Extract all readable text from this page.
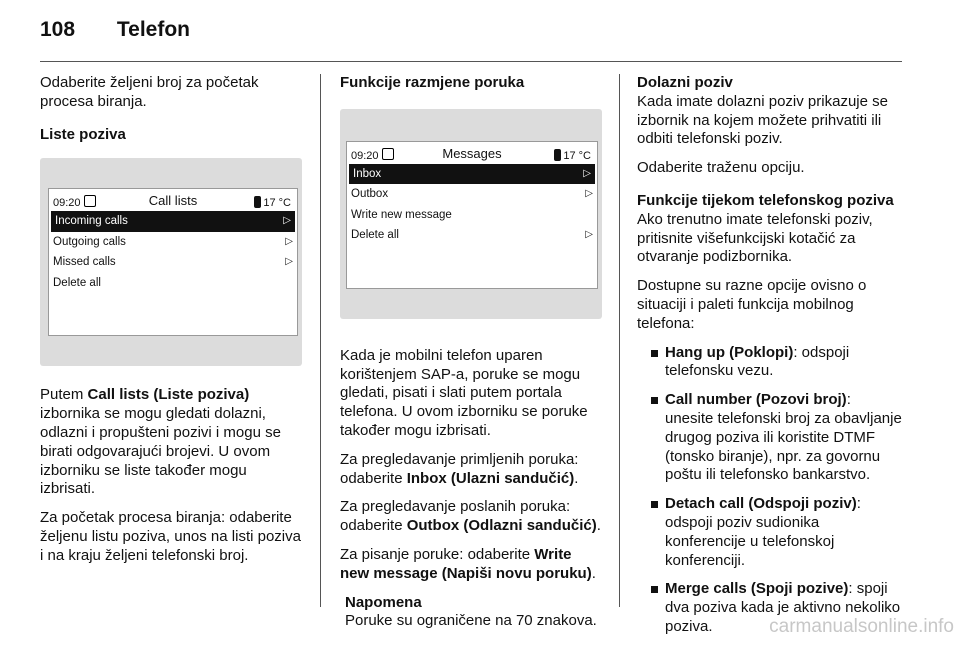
108 Telefon

Odaberite željeni broj za početak procesa biranja.

Liste poziva

09:20	Call lists	17 °C
Incoming calls	▷
Outgoing calls	▷
Missed calls	▷
Delete all

Putem Call lists (Liste poziva) izbornika se mogu gledati dolazni, odlazni i propušteni pozivi i mogu se birati odgovarajući brojevi. U ovom izborniku se liste također mogu izbrisati.

Za početak procesa biranja: odaberite željenu listu poziva, unos na listi poziva i na kraju željeni telefonski broj.

Funkcije razmjene poruka

09:20	Messages	17 °C
Inbox	▷
Outbox	▷
Write new message
Delete all	▷

Kada je mobilni telefon uparen korištenjem SAP-a, poruke se mogu gledati, pisati i slati putem portala telefona. U ovom izborniku se poruke također mogu izbrisati.

Za pregledavanje primljenih poruka: odaberite Inbox (Ulazni sandučić).

Za pregledavanje poslanih poruka: odaberite Outbox (Odlazni sandučić).

Za pisanje poruke: odaberite Write new message (Napiši novu poruku).

Napomena
Poruke su ograničene na 70 znakova.
Dolazni poziv

Kada imate dolazni poziv prikazuje se izbornik na kojem možete prihvatiti ili odbiti telefonski poziv.

Odaberite traženu opciju.

Funkcije tijekom telefonskog poziva

Ako trenutno imate telefonski poziv, pritisnite višefunkcijski kotačić za otvaranje podizbornika.

Dostupne su razne opcije ovisno o situaciji i paleti funkcija mobilnog telefona:

Hang up (Poklopi): odspoji telefonsku vezu.
Call number (Pozovi broj): unesite telefonski broj za obavljanje drugog poziva ili koristite DTMF (tonsko biranje), npr. za govornu poštu ili telefonsko bankarstvo.
Detach call (Odspoji poziv): odspoji poziv sudionika konferencije u telefonskoj konferenciji.
Merge calls (Spoji pozive): spoji dva poziva kada je aktivno nekoliko poziva.	carmanualsonline.info
